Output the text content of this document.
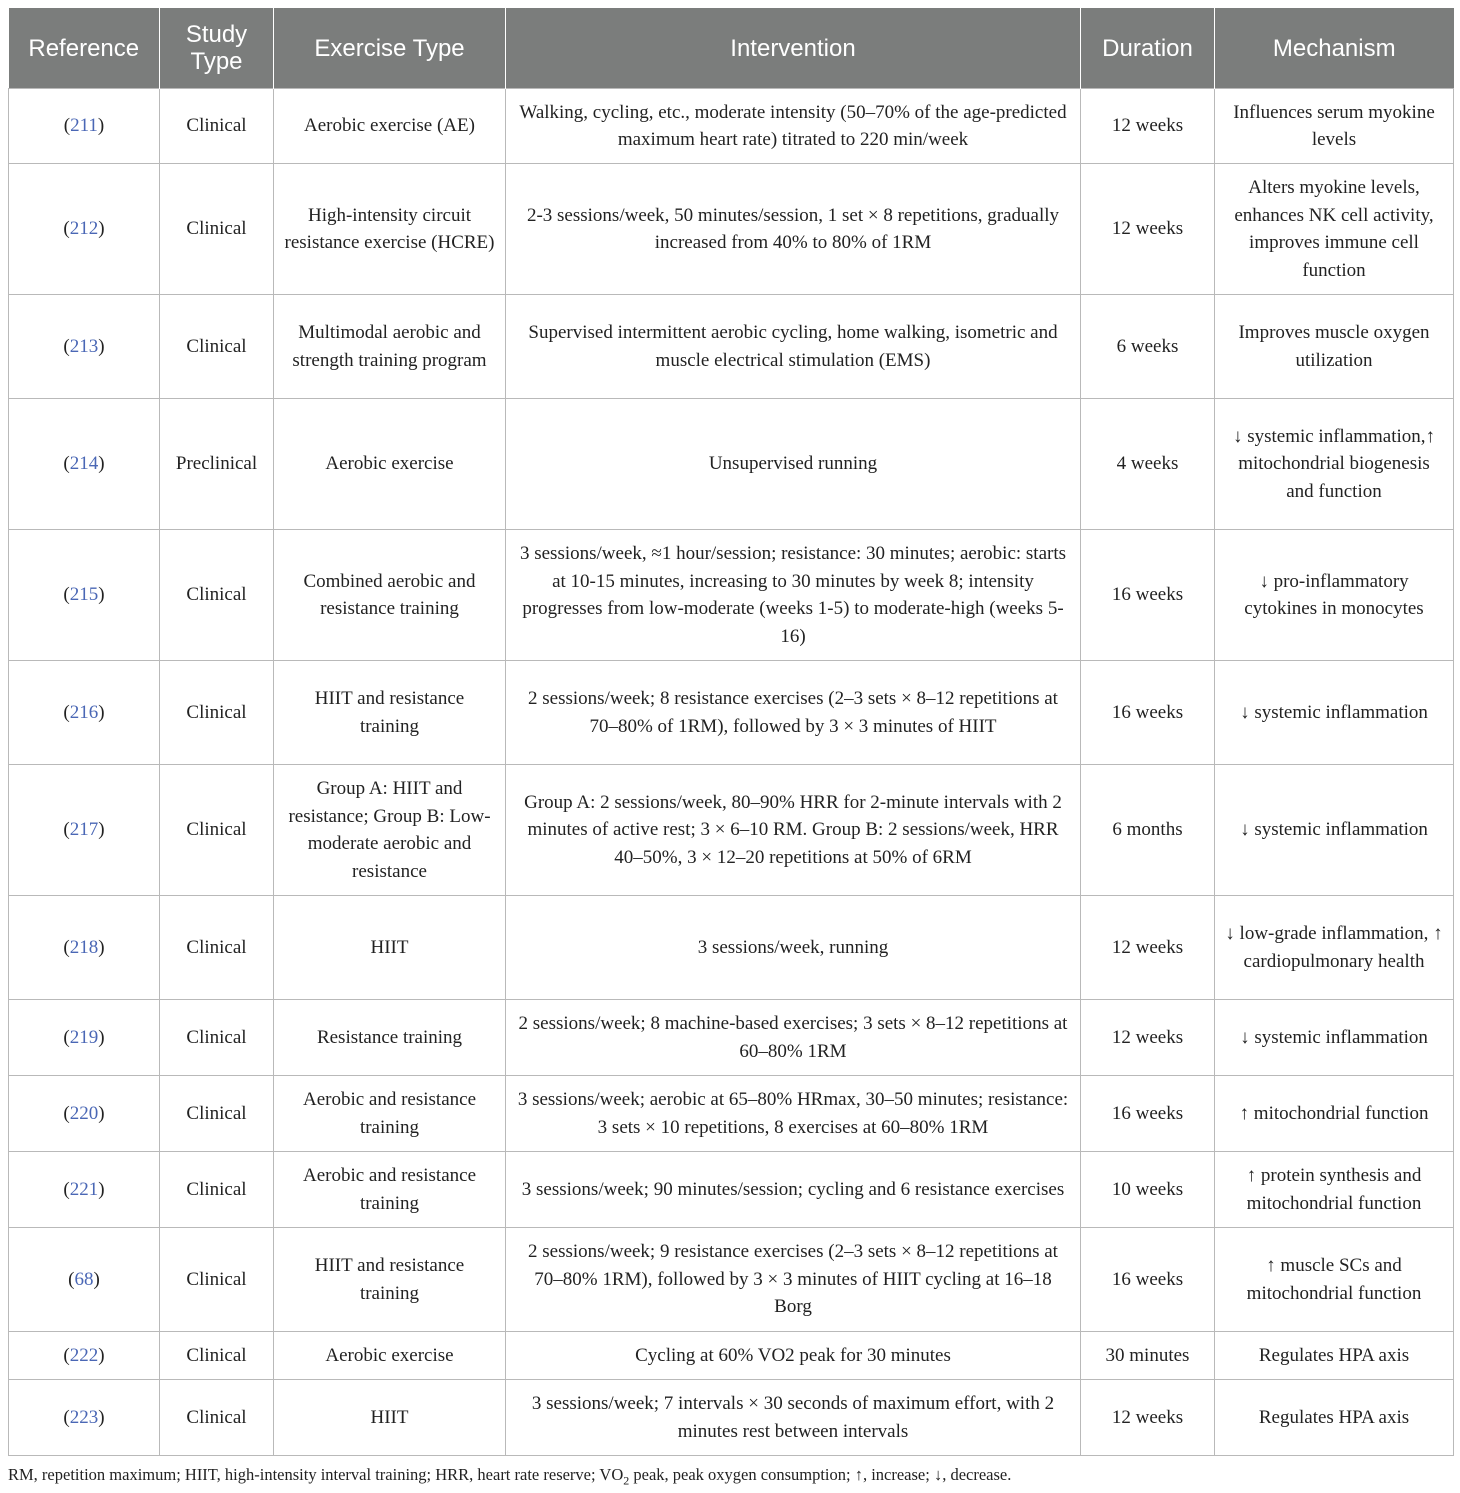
Reference	Study Type	Exercise Type	Intervention	Duration	Mechanism
(211)	Clinical	Aerobic exercise (AE)	Walking, cycling, etc., moderate intensity (50–70% of the age-predicted maximum heart rate) titrated to 220 min/week	12 weeks	Influences serum myokine levels
(212)	Clinical	High-intensity circuit resistance exercise (HCRE)	2-3 sessions/week, 50 minutes/session, 1 set × 8 repetitions, gradually increased from 40% to 80% of 1RM	12 weeks	Alters myokine levels, enhances NK cell activity, improves immune cell function
(213)	Clinical	Multimodal aerobic and strength training program	Supervised intermittent aerobic cycling, home walking, isometric and muscle electrical stimulation (EMS)	6 weeks	Improves muscle oxygen utilization
(214)	Preclinical	Aerobic exercise	Unsupervised running	4 weeks	↓ systemic inflammation,↑ mitochondrial biogenesis and function
(215)	Clinical	Combined aerobic and resistance training	3 sessions/week, ≈1 hour/session; resistance: 30 minutes; aerobic: starts at 10-15 minutes, increasing to 30 minutes by week 8; intensity progresses from low-moderate (weeks 1-5) to moderate-high (weeks 5-16)	16 weeks	↓ pro-inflammatory cytokines in monocytes
(216)	Clinical	HIIT and resistance training	2 sessions/week; 8 resistance exercises (2–3 sets × 8–12 repetitions at 70–80% of 1RM), followed by 3 × 3 minutes of HIIT	16 weeks	↓ systemic inflammation
(217)	Clinical	Group A: HIIT and resistance; Group B: Low-moderate aerobic and resistance	Group A: 2 sessions/week, 80–90% HRR for 2-minute intervals with 2 minutes of active rest; 3 × 6–10 RM. Group B: 2 sessions/week, HRR 40–50%, 3 × 12–20 repetitions at 50% of 6RM	6 months	↓ systemic inflammation
(218)	Clinical	HIIT	3 sessions/week, running	12 weeks	↓ low-grade inflammation, ↑ cardiopulmonary health
(219)	Clinical	Resistance training	2 sessions/week; 8 machine-based exercises; 3 sets × 8–12 repetitions at 60–80% 1RM	12 weeks	↓ systemic inflammation
(220)	Clinical	Aerobic and resistance training	3 sessions/week; aerobic at 65–80% HRmax, 30–50 minutes; resistance: 3 sets × 10 repetitions, 8 exercises at 60–80% 1RM	16 weeks	↑ mitochondrial function
(221)	Clinical	Aerobic and resistance training	3 sessions/week; 90 minutes/session; cycling and 6 resistance exercises	10 weeks	↑ protein synthesis and mitochondrial function
(68)	Clinical	HIIT and resistance training	2 sessions/week; 9 resistance exercises (2–3 sets × 8–12 repetitions at 70–80% 1RM), followed by 3 × 3 minutes of HIIT cycling at 16–18 Borg	16 weeks	↑ muscle SCs and mitochondrial function
(222)	Clinical	Aerobic exercise	Cycling at 60% VO2 peak for 30 minutes	30 minutes	Regulates HPA axis
(223)	Clinical	HIIT	3 sessions/week; 7 intervals × 30 seconds of maximum effort, with 2 minutes rest between intervals	12 weeks	Regulates HPA axis
RM, repetition maximum; HIIT, high-intensity interval training; HRR, heart rate reserve; $VO_2$ peak, peak oxygen consumption; ↑, increase; ↓, decrease.
